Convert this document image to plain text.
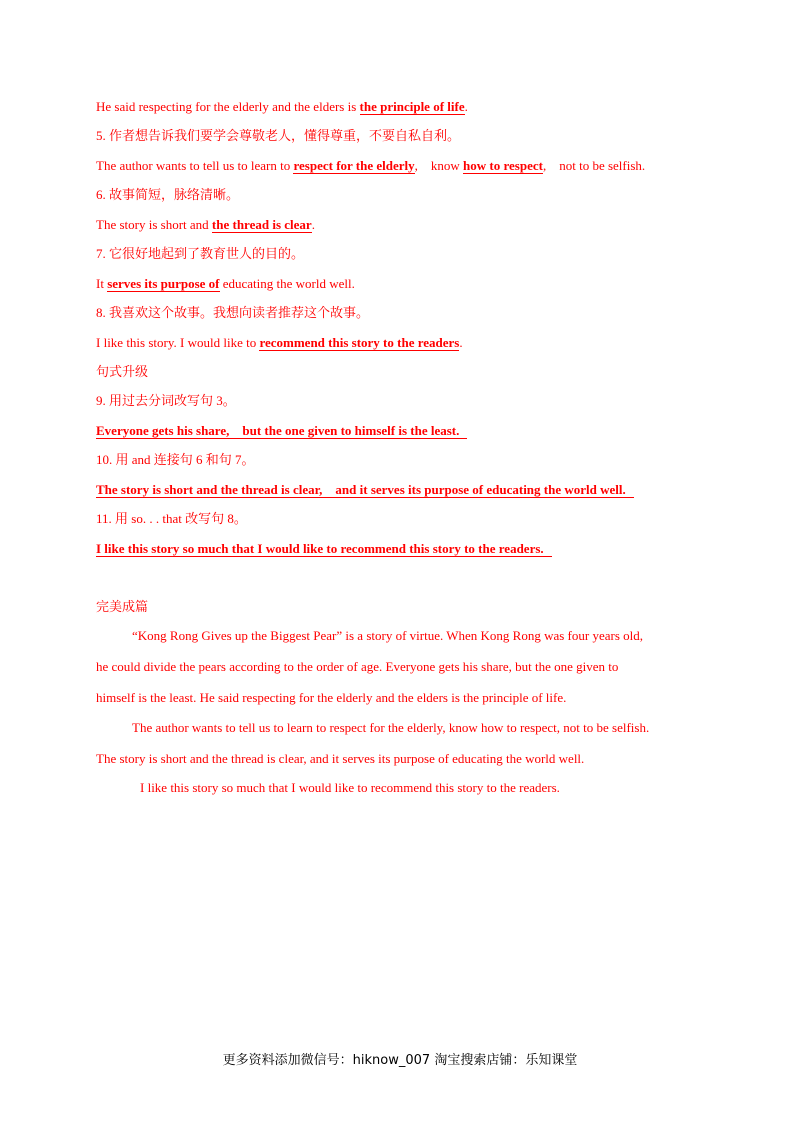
He said respecting for the elderly and the elders is the principle of life.
5. 作者想告诉我们要学会尊敬老人，懂得尊重，不要自私自利。
The author wants to tell us to learn to respect for the elderly,    know how to respect,    not to be selfish.
6. 故事简短，脉络清晰。
The story is short and the thread is clear.
7. 它很好地起到了教育世人的目的。
It serves its purpose of educating the world well.
8. 我喜欢这个故事。我想向读者推荐这个故事。
I like this story. I would like to recommend this story to the readers.
句式升级
9. 用过去分词改写句 3。
Everyone gets his share,    but the one given to himself is the least.
10. 用 and 连接句 6 和句 7。
The story is short and the thread is clear,    and it serves its purpose of educating the world well.
11. 用 so. . . that 改写句 8。
I like this story so much that I would like to recommend this story to the readers.
完美成篇
“Kong Rong Gives up the Biggest Pear” is a story of virtue. When Kong Rong was four years old,
he could divide the pears according to the order of age. Everyone gets his share, but the one given to
himself is the least. He said respecting for the elderly and the elders is the principle of life.
The author wants to tell us to learn to respect for the elderly, know how to respect, not to be selfish.
The story is short and the thread is clear, and it serves its purpose of educating the world well.
I like this story so much that I would like to recommend this story to the readers.
更多资料添加微信号：hiknow_007 淘宝搜索店铺：乐知课堂
